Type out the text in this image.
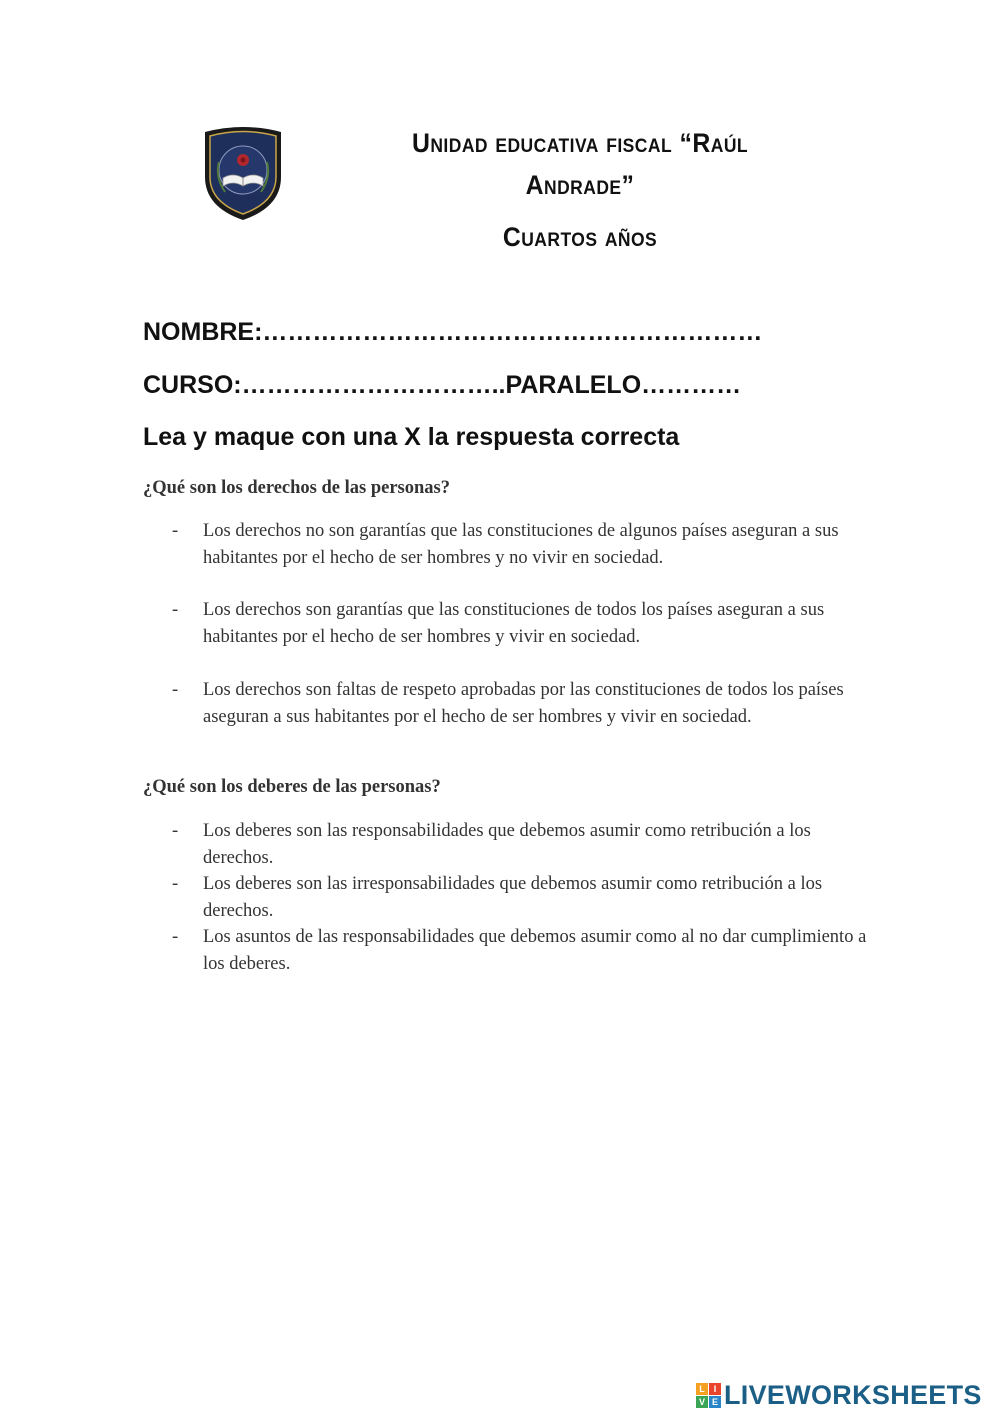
Unidad educativa fiscal “Raúl
Andrade”
Cuartos años
NOMBRE:……………………………………………………
CURSO:…………………………..PARALELO…………
Lea y maque con una X la respuesta correcta
¿Qué son los derechos de las personas?
- Los derechos no son garantías que las constituciones de algunos países aseguran a sus habitantes por el hecho de ser hombres y no vivir en sociedad.
- Los derechos son garantías que las constituciones de todos los países aseguran a sus habitantes por el hecho de ser hombres y vivir en sociedad.
- Los derechos son faltas de respeto aprobadas por las constituciones de todos los países aseguran a sus habitantes por el hecho de ser hombres y vivir en sociedad.
¿Qué son los deberes de las personas?
- Los deberes son las responsabilidades que debemos asumir como retribución a los derechos.
- Los deberes son las irresponsabilidades que debemos asumir como retribución a los derechos.
- Los asuntos de las responsabilidades que debemos asumir como al no dar cumplimiento a los deberes.
L I
V E LIVEWORKSHEETS
